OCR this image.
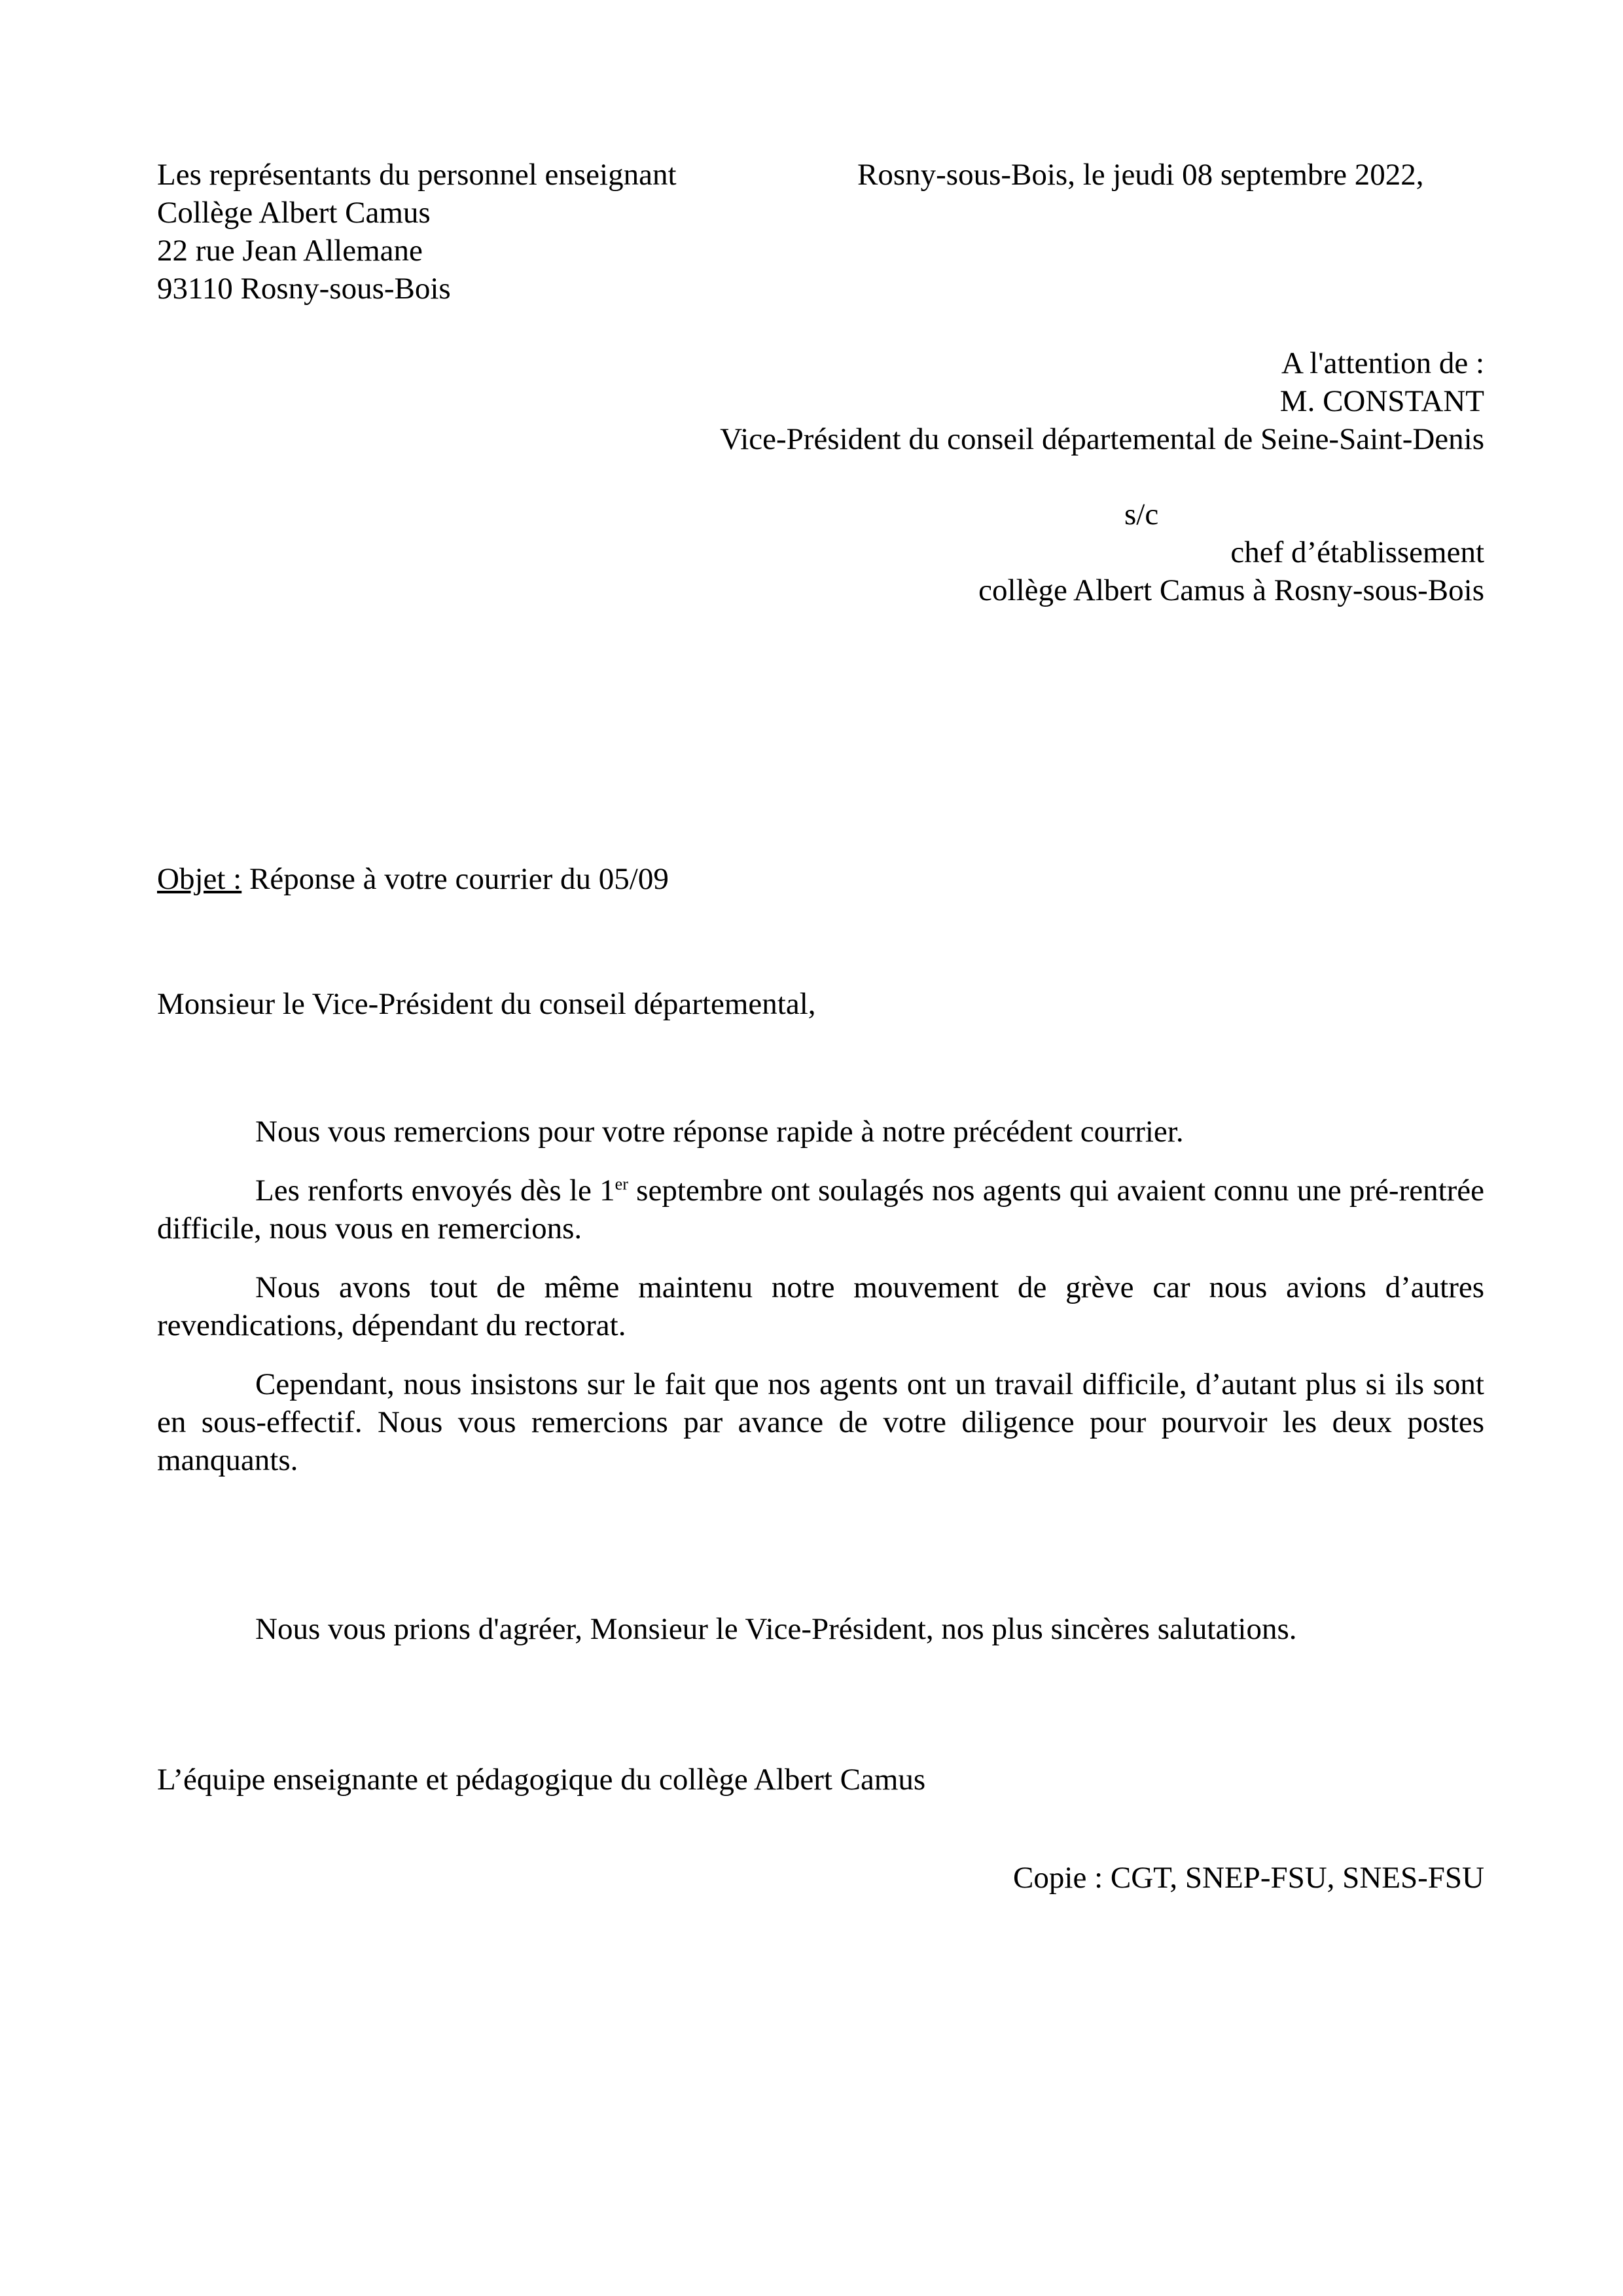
Les représentants du personnel enseignant
Collège Albert Camus
22 rue Jean Allemane
93110 Rosny-sous-Bois
Rosny-sous-Bois, le jeudi 08 septembre 2022,
A l'attention de :
M. CONSTANT
Vice-Président du conseil départemental de Seine-Saint-Denis
s/c
chef d’établissement
collège Albert Camus à Rosny-sous-Bois
Objet : Réponse à votre courrier du 05/09
Monsieur le Vice-Président du conseil départemental,

Nous vous remercions pour votre réponse rapide à notre précédent courrier.

Les renforts envoyés dès le 1er septembre ont soulagés nos agents qui avaient connu une pré-rentrée difficile, nous vous en remercions.

Nous avons tout de même maintenu notre mouvement de grève car nous avions d’autres revendications, dépendant du rectorat.

Cependant, nous insistons sur le fait que nos agents ont un travail difficile, d’autant plus si ils sont en sous-effectif. Nous vous remercions par avance de votre diligence pour pourvoir les deux postes manquants.

Nous vous prions d'agréer, Monsieur le Vice-Président, nos plus sincères salutations.
L’équipe enseignante et pédagogique du collège Albert Camus
Copie : CGT, SNEP-FSU, SNES-FSU
